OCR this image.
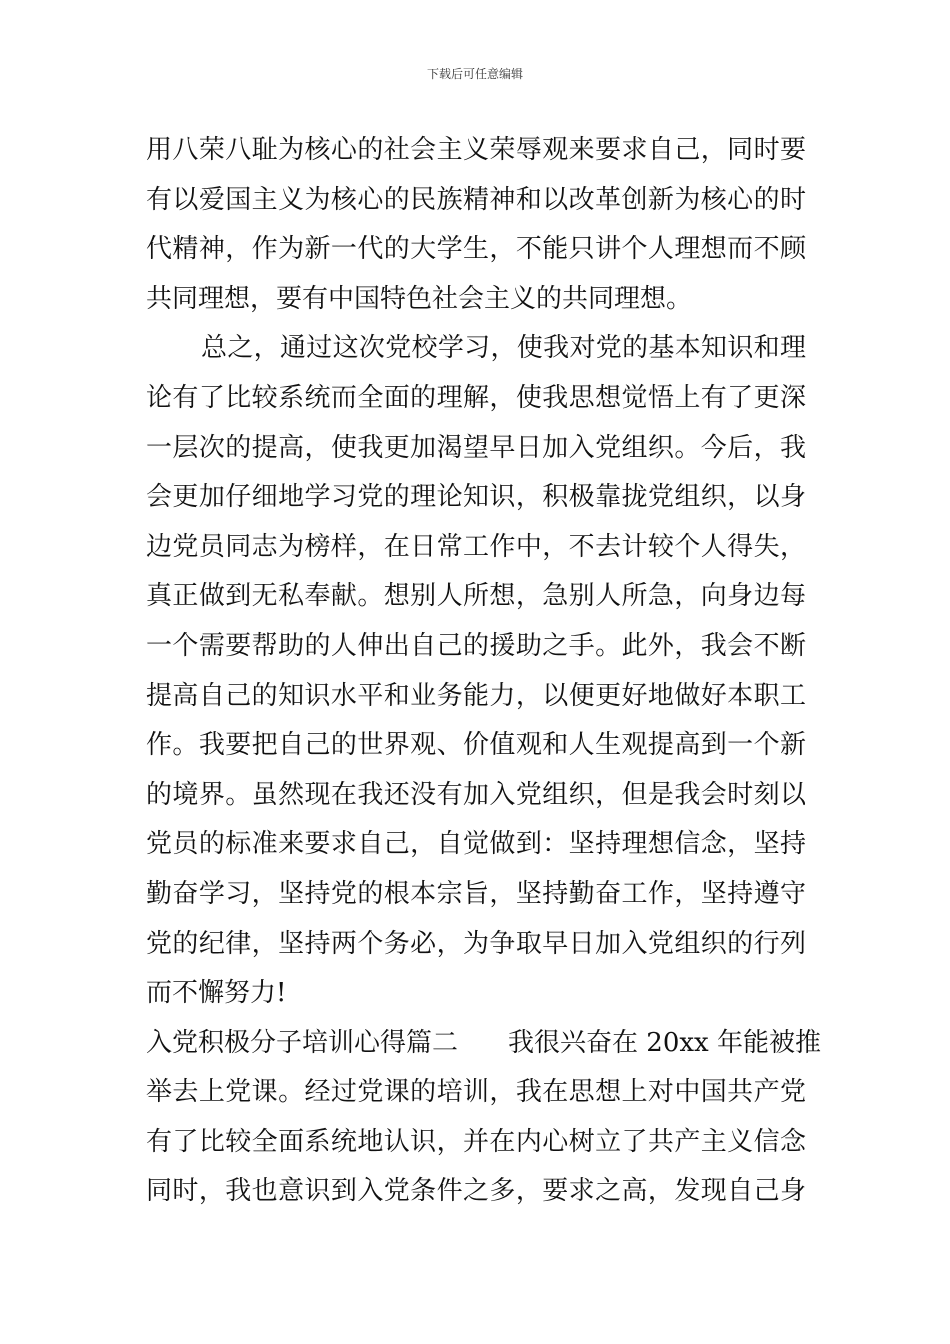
下载后可任意编辑
用八荣八耻为核心的社会主义荣辱观来要求自己，同时要
有以爱国主义为核心的民族精神和以改革创新为核心的时
代精神，作为新一代的大学生，不能只讲个人理想而不顾
共同理想，要有中国特色社会主义的共同理想。
总之，通过这次党校学习，使我对党的基本知识和理
论有了比较系统而全面的理解，使我思想觉悟上有了更深
一层次的提高，使我更加渴望早日加入党组织。今后，我
会更加仔细地学习党的理论知识，积极靠拢党组织，以身
边党员同志为榜样，在日常工作中，不去计较个人得失，
真正做到无私奉献。想别人所想，急别人所急，向身边每
一个需要帮助的人伸出自己的援助之手。此外，我会不断
提高自己的知识水平和业务能力，以便更好地做好本职工
作。我要把自己的世界观、价值观和人生观提高到一个新
的境界。虽然现在我还没有加入党组织，但是我会时刻以
党员的标准来要求自己，自觉做到：坚持理想信念，坚持
勤奋学习，坚持党的根本宗旨，坚持勤奋工作，坚持遵守
党的纪律，坚持两个务必，为争取早日加入党组织的行列
而不懈努力!
入党积极分子培训心得篇二 我很兴奋在 20xx 年能被推
举去上党课。经过党课的培训，我在思想上对中国共产党
有了比较全面系统地认识，并在内心树立了共产主义信念
同时，我也意识到入党条件之多，要求之高，发现自己身
